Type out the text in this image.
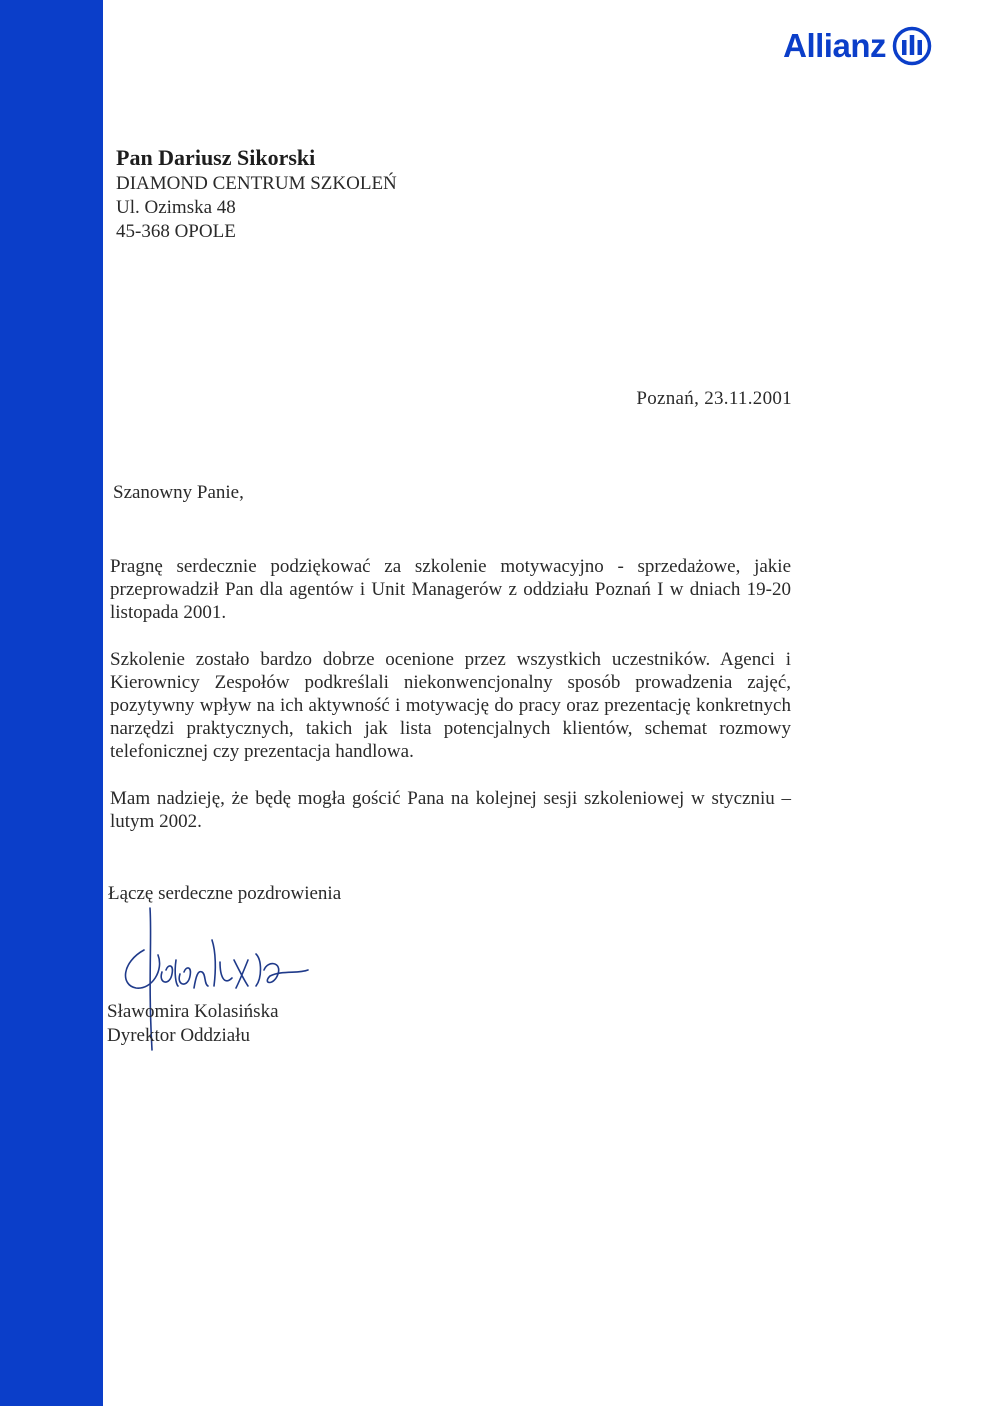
Allianz
Pan Dariusz Sikorski
DIAMOND CENTRUM SZKOLEŃ
Ul. Ozimska 48
45-368 OPOLE
Poznań, 23.11.2001
Szanowny Panie,

Pragnę serdecznie podziękować za szkolenie motywacyjno - sprzedażowe, jakie przeprowadził Pan dla agentów i Unit Managerów z oddziału Poznań I w dniach 19-20 listopada 2001.

Szkolenie zostało bardzo dobrze ocenione przez wszystkich uczestników. Agenci i Kierownicy Zespołów podkreślali niekonwencjonalny sposób prowadzenia zajęć, pozytywny wpływ na ich aktywność i motywację do pracy oraz prezentację konkretnych narzędzi praktycznych, takich jak lista potencjalnych klientów, schemat rozmowy telefonicznej czy prezentacja handlowa.

Mam nadzieję, że będę mogła gościć Pana na kolejnej sesji szkoleniowej w styczniu – lutym 2002.

Łączę serdeczne pozdrowienia
Sławomira Kolasińska
Dyrektor Oddziału
